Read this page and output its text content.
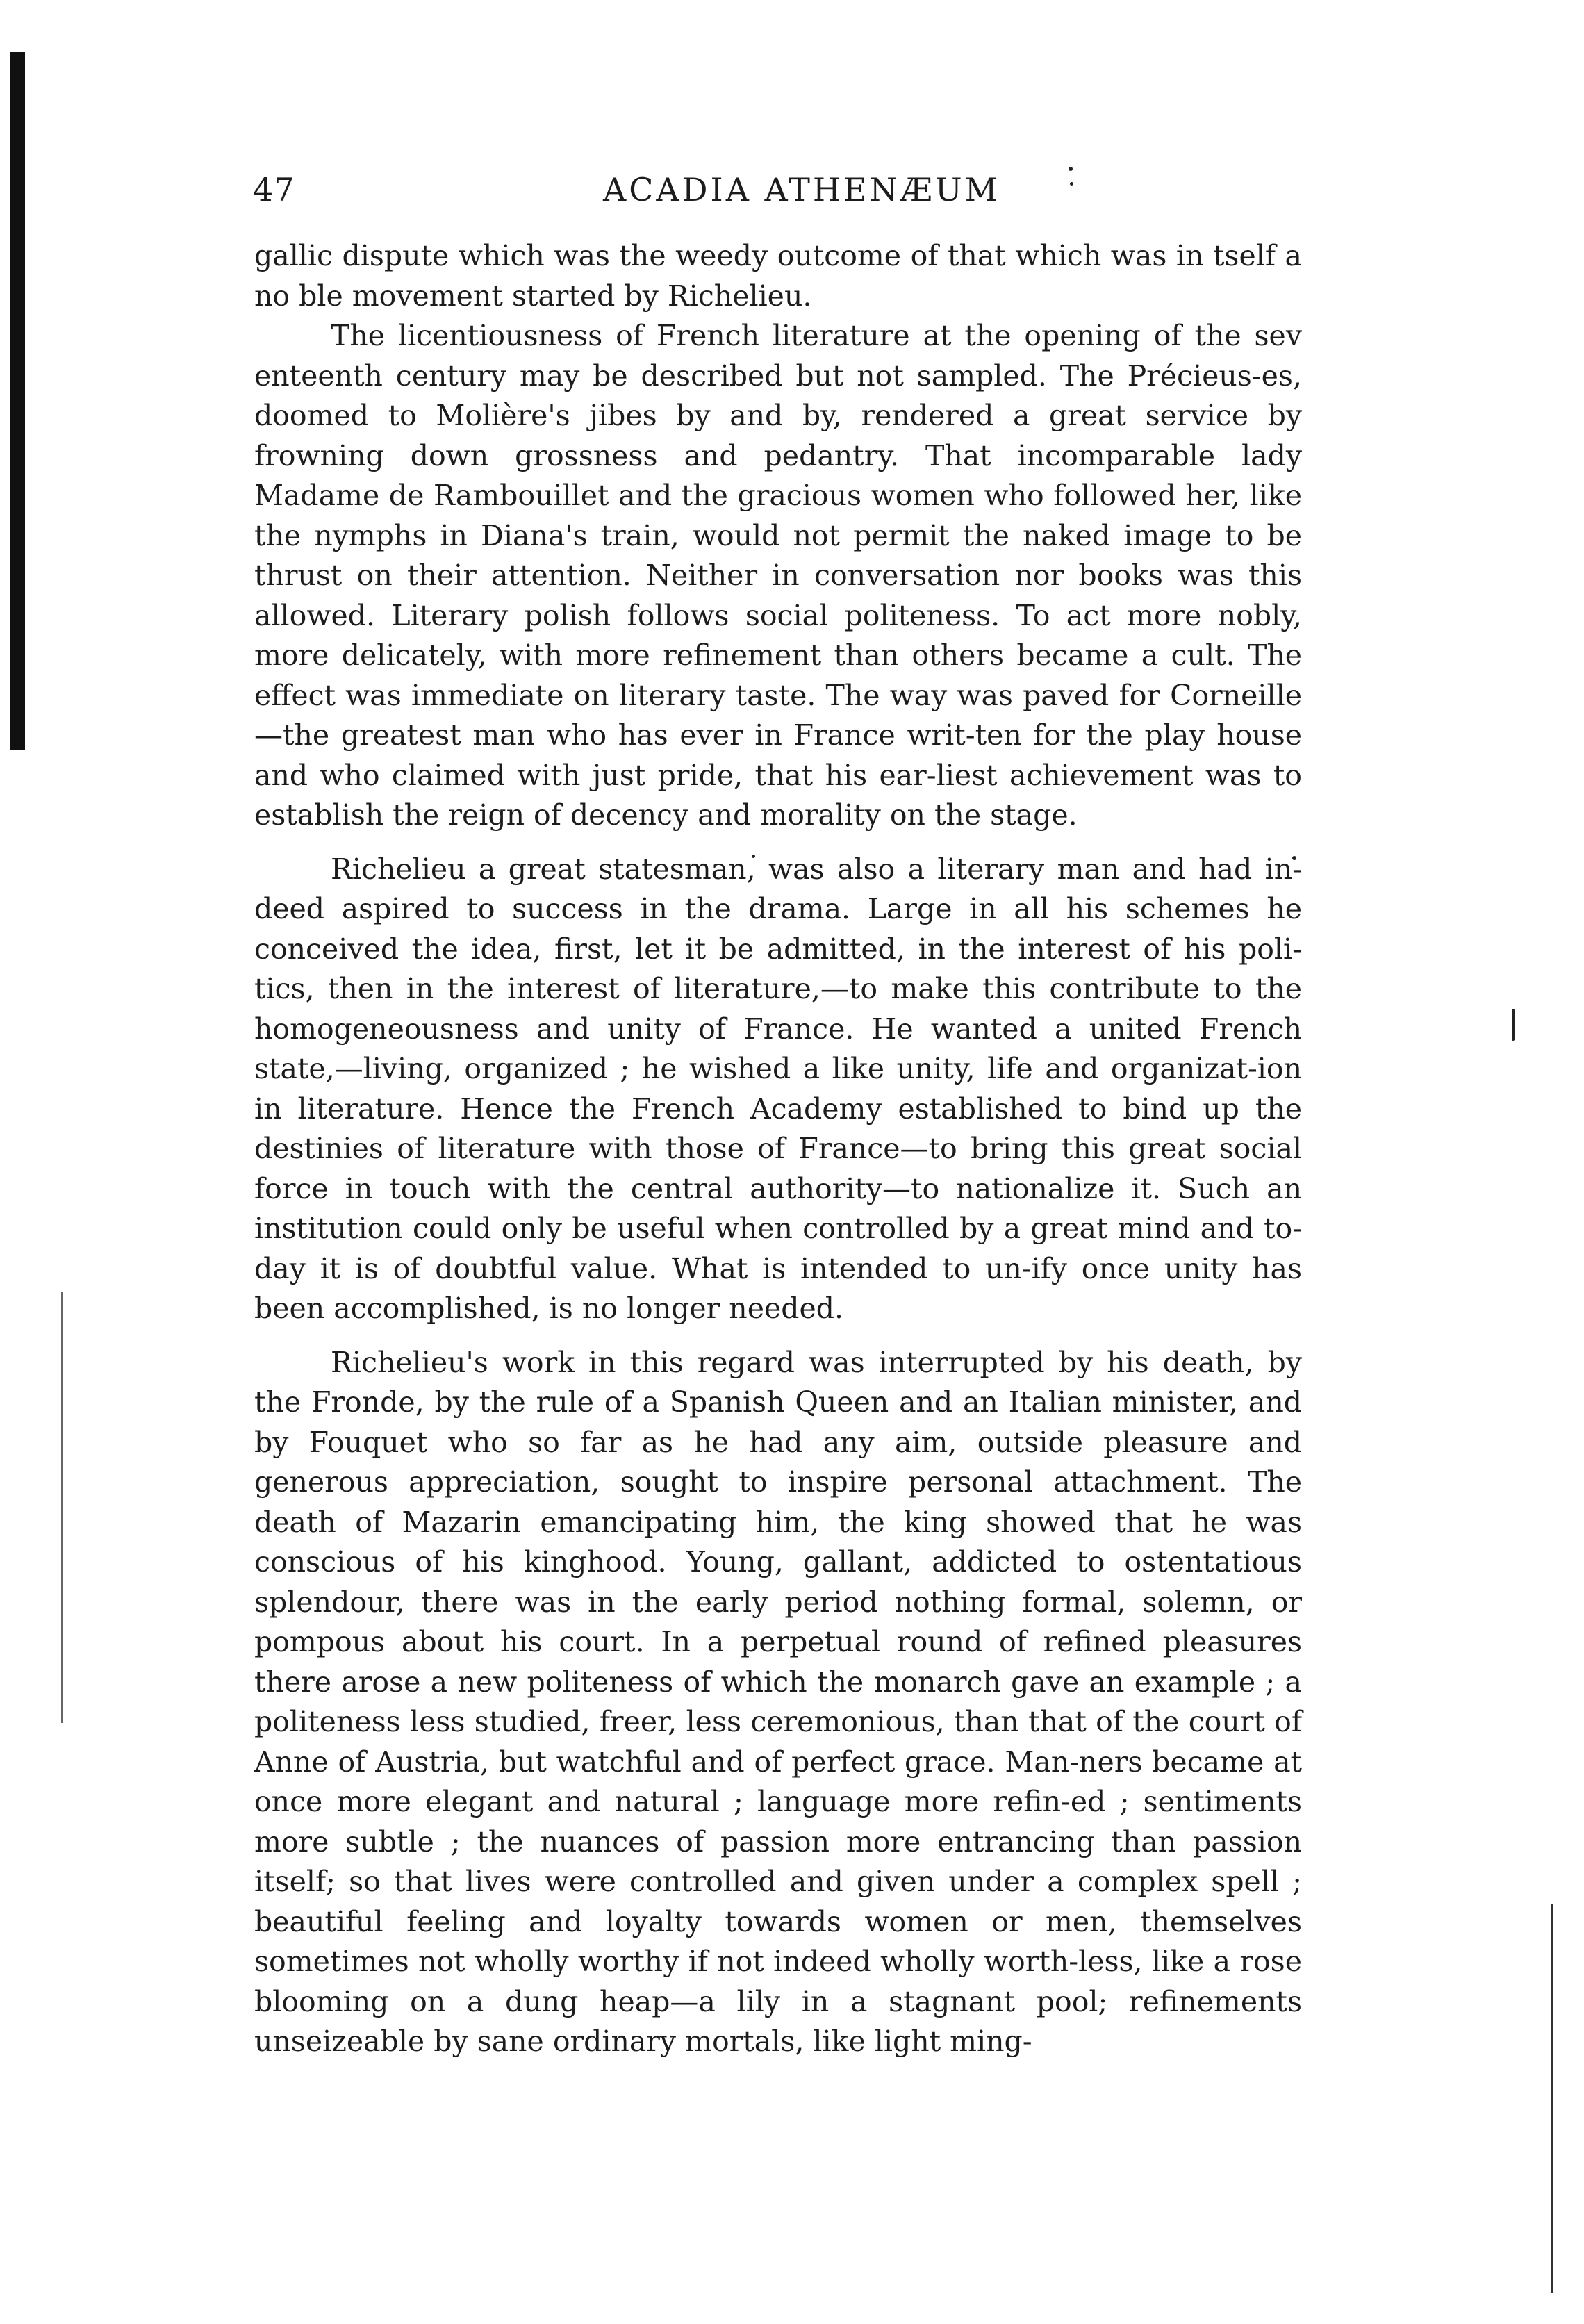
47	ACADIA ATHENÆUM

gallic dispute which was the weedy outcome of that which was in tself a no ble movement started by Richelieu.

The licentiousness of French literature at the opening of the sev enteenth century may be described but not sampled. The Précieus-es, doomed to Molière's jibes by and by, rendered a great service by frowning down grossness and pedantry. That incomparable lady Madame de Rambouillet and the gracious women who followed her, like the nymphs in Diana's train, would not permit the naked image to be thrust on their attention. Neither in conversation nor books was this allowed. Literary polish follows social politeness. To act more nobly, more delicately, with more refinement than others became a cult. The effect was immediate on literary taste. The way was paved for Corneille—the greatest man who has ever in France writ-ten for the play house and who claimed with just pride, that his ear-liest achievement was to establish the reign of decency and morality on the stage.

Richelieu a great statesman, was also a literary man and had in-deed aspired to success in the drama. Large in all his schemes he conceived the idea, first, let it be admitted, in the interest of his poli-tics, then in the interest of literature,—to make this contribute to the homogeneousness and unity of France. He wanted a united French state,—living, organized ; he wished a like unity, life and organizat-ion in literature. Hence the French Academy established to bind up the destinies of literature with those of France—to bring this great social force in touch with the central authority—to nationalize it. Such an institution could only be useful when controlled by a great mind and to-day it is of doubtful value. What is intended to un-ify once unity has been accomplished, is no longer needed.

Richelieu's work in this regard was interrupted by his death, by the Fronde, by the rule of a Spanish Queen and an Italian minister, and by Fouquet who so far as he had any aim, outside pleasure and generous appreciation, sought to inspire personal attachment. The death of Mazarin emancipating him, the king showed that he was conscious of his kinghood. Young, gallant, addicted to ostentatious splendour, there was in the early period nothing formal, solemn, or pompous about his court. In a perpetual round of refined pleasures there arose a new politeness of which the monarch gave an example ; a politeness less studied, freer, less ceremonious, than that of the court of Anne of Austria, but watchful and of perfect grace. Man-ners became at once more elegant and natural ; language more refin-ed ; sentiments more subtle ; the nuances of passion more entrancing than passion itself; so that lives were controlled and given under a complex spell ; beautiful feeling and loyalty towards women or men, themselves sometimes not wholly worthy if not indeed wholly worth-less, like a rose blooming on a dung heap—a lily in a stagnant pool; refinements unseizeable by sane ordinary mortals, like light ming-
